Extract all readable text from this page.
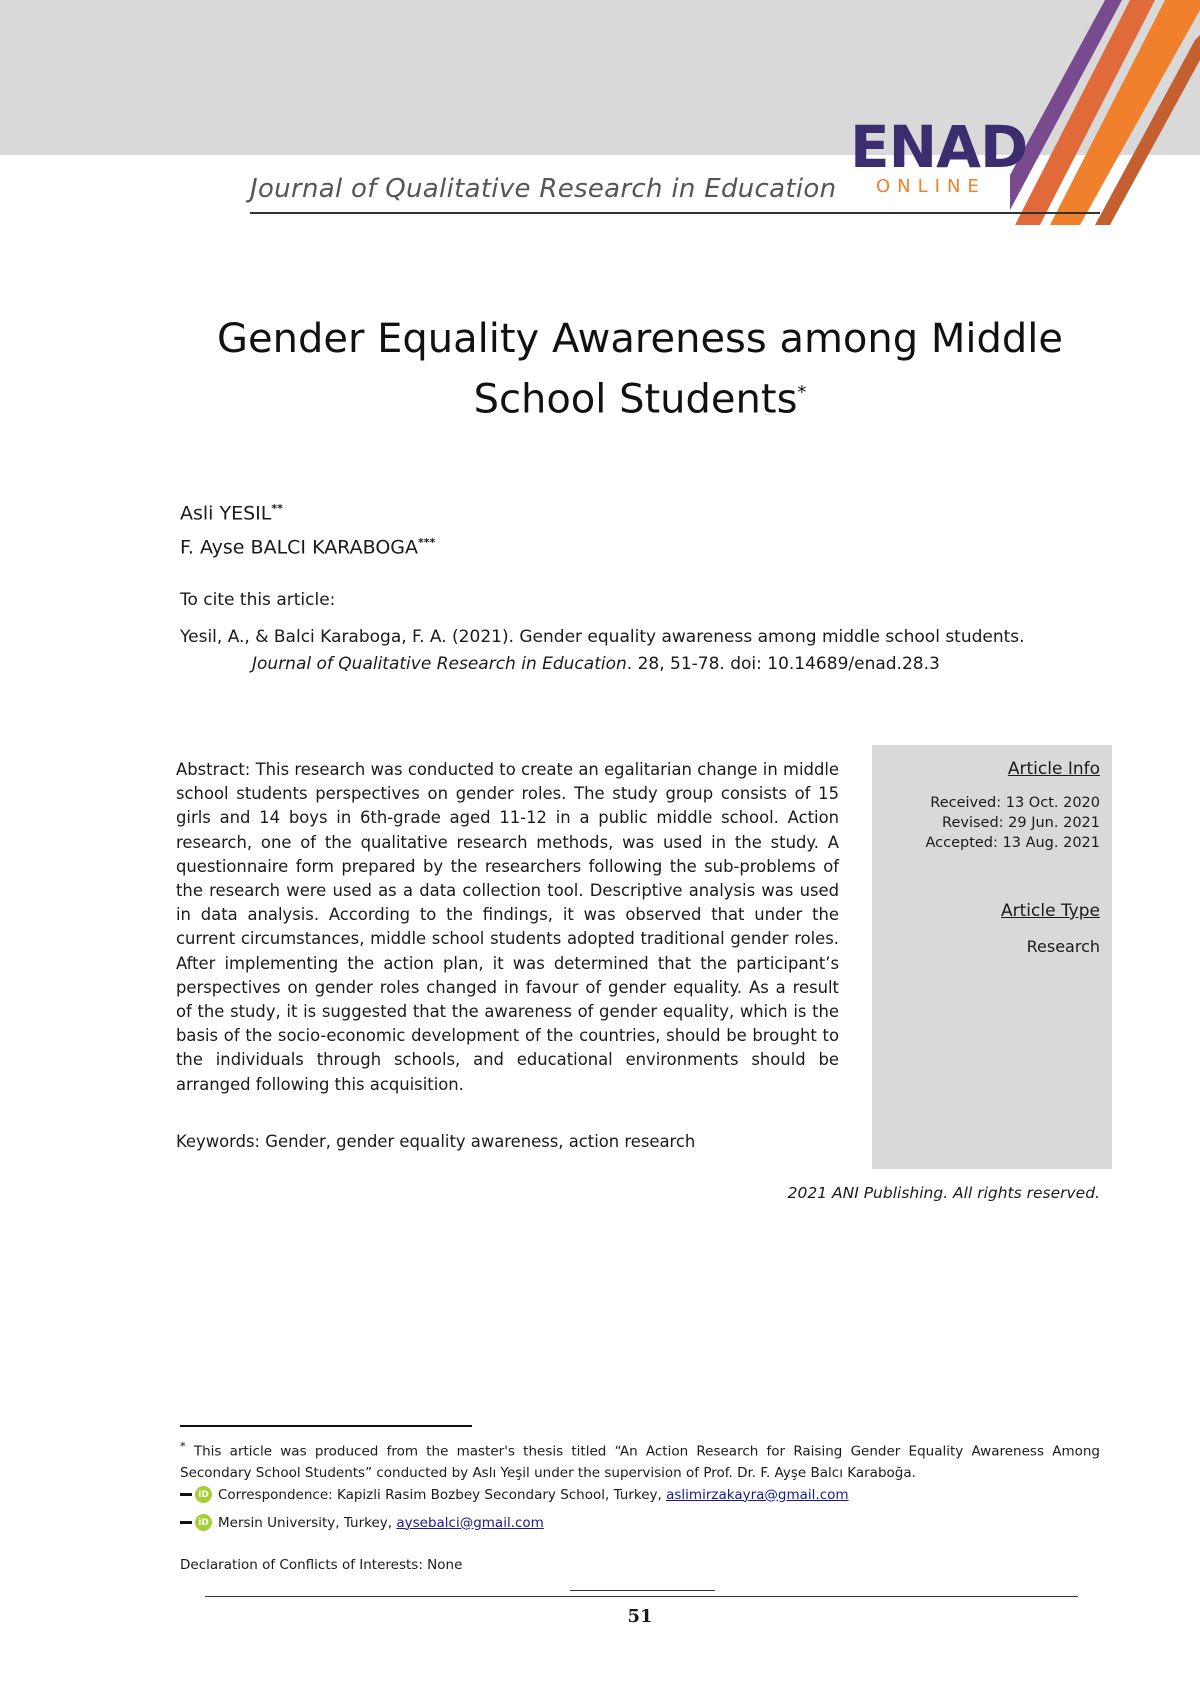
Journal of Qualitative Research in Education
ENAD
ONLINE
Gender Equality Awareness among Middle School Students*
Asli YESIL**
F. Ayse BALCI KARABOGA***
To cite this article:
Yesil, A., & Balci Karaboga, F. A. (2021). Gender equality awareness among middle school students.
Journal of Qualitative Research in Education. 28, 51-78. doi: 10.14689/enad.28.3
Abstract: This research was conducted to create an egalitarian change in middle school students perspectives on gender roles. The study group consists of 15 girls and 14 boys in 6th-grade aged 11-12 in a public middle school. Action research, one of the qualitative research methods, was used in the study. A questionnaire form prepared by the researchers following the sub-problems of the research were used as a data collection tool. Descriptive analysis was used in data analysis. According to the findings, it was observed that under the current circumstances, middle school students adopted traditional gender roles. After implementing the action plan, it was determined that the participant’s perspectives on gender roles changed in favour of gender equality. As a result of the study, it is suggested that the awareness of gender equality, which is the basis of the socio-economic development of the countries, should be brought to the individuals through schools, and educational environments should be arranged following this acquisition.
Keywords: Gender, gender equality awareness, action research
Article Info
Received: 13 Oct. 2020
Revised: 29 Jun. 2021
Accepted: 13 Aug. 2021
Article Type
Research
2021 ANI Publishing. All rights reserved.
* This article was produced from the master's thesis titled “An Action Research for Raising Gender Equality Awareness Among Secondary School Students” conducted by Aslı Yeşil under the supervision of Prof. Dr. F. Ayşe Balcı Karaboğa.
iD Correspondence: Kapizli Rasim Bozbey Secondary School, Turkey,
aslimirzakayra@gmail.com
iD Mersin University, Turkey,
aysebalci@gmail.com
Declaration of Conflicts of Interests: None
51
